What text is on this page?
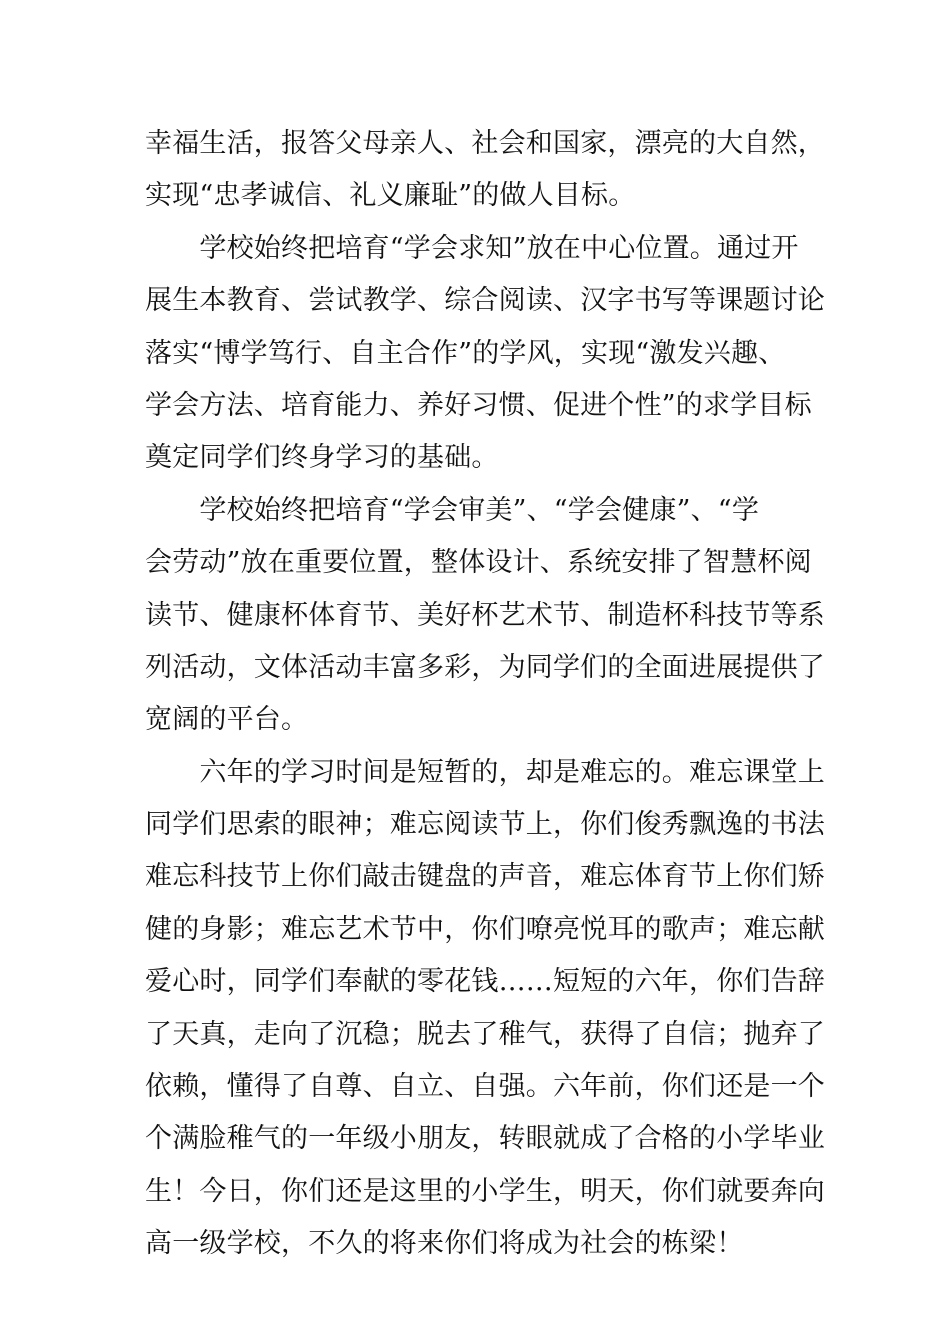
幸福生活，报答父母亲人、社会和国家，漂亮的大自然，
实现“忠孝诚信、礼义廉耻”的做人目标。
　　学校始终把培育“学会求知”放在中心位置。通过开
展生本教育、尝试教学、综合阅读、汉字书写等课题讨论
落实“博学笃行、自主合作”的学风，实现“激发兴趣、
学会方法、培育能力、养好习惯、促进个性”的求学目标
奠定同学们终身学习的基础。
　　学校始终把培育“学会审美”、“学会健康”、“学
会劳动”放在重要位置，整体设计、系统安排了智慧杯阅
读节、健康杯体育节、美好杯艺术节、制造杯科技节等系
列活动，文体活动丰富多彩，为同学们的全面进展提供了
宽阔的平台。
　　六年的学习时间是短暂的，却是难忘的。难忘课堂上
同学们思索的眼神；难忘阅读节上，你们俊秀飘逸的书法
难忘科技节上你们敲击键盘的声音，难忘体育节上你们矫
健的身影；难忘艺术节中，你们嘹亮悦耳的歌声；难忘献
爱心时，同学们奉献的零花钱……短短的六年，你们告辞
了天真，走向了沉稳；脱去了稚气，获得了自信；抛弃了
依赖，懂得了自尊、自立、自强。六年前，你们还是一个
个满脸稚气的一年级小朋友，转眼就成了合格的小学毕业
生！今日，你们还是这里的小学生，明天，你们就要奔向
高一级学校，不久的将来你们将成为社会的栋梁！
